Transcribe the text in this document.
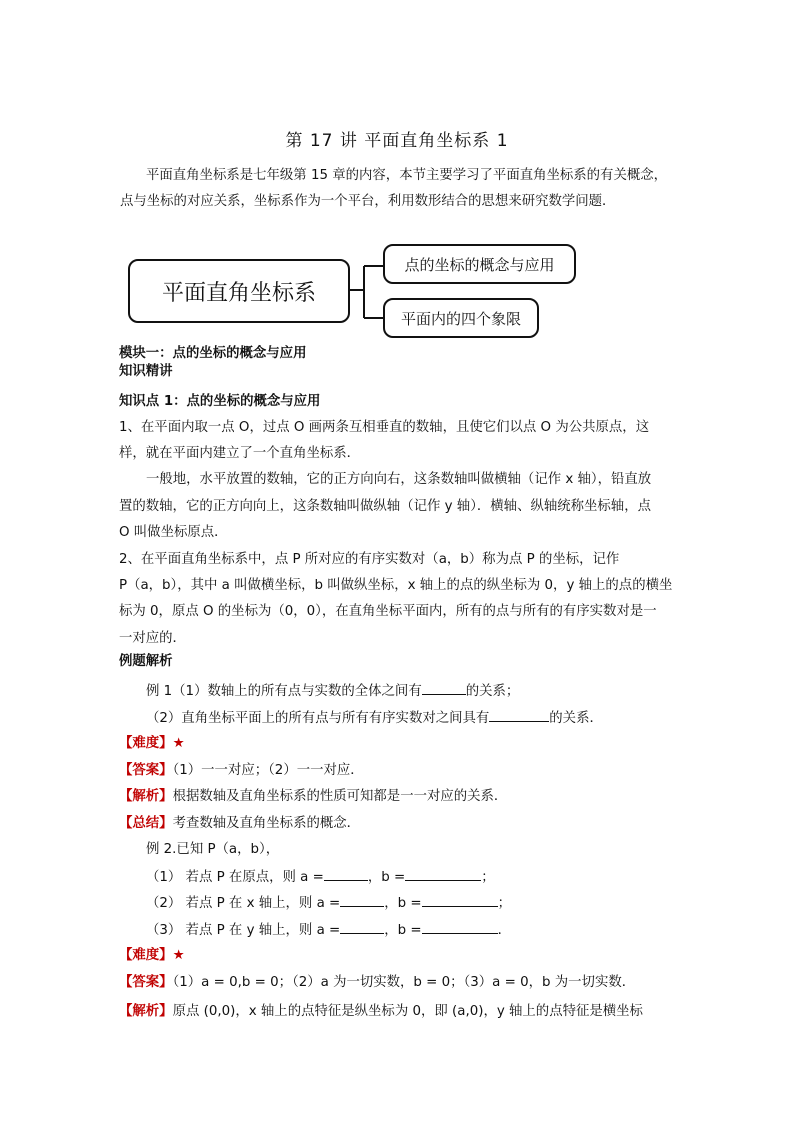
第 17 讲 平面直角坐标系 1
平面直角坐标系是七年级第 15 章的内容，本节主要学习了平面直角坐标系的有关概念，
点与坐标的对应关系，坐标系作为一个平台，利用数形结合的思想来研究数学问题．
平面直角坐标系
点的坐标的概念与应用
平面内的四个象限
模块一：点的坐标的概念与应用
知识精讲
知识点 1：点的坐标的概念与应用
1、在平面内取一点 O，过点 O 画两条互相垂直的数轴，且使它们以点 O 为公共原点，这
样，就在平面内建立了一个直角坐标系．
一般地，水平放置的数轴，它的正方向向右，这条数轴叫做横轴（记作 x 轴），铅直放
置的数轴，它的正方向向上，这条数轴叫做纵轴（记作 y 轴）．横轴、纵轴统称坐标轴，点
O 叫做坐标原点．
2、在平面直角坐标系中，点 P 所对应的有序实数对（a，b）称为点 P 的坐标，记作
P（a，b），其中 a 叫做横坐标，b 叫做纵坐标，x 轴上的点的纵坐标为 0，y 轴上的点的横坐
标为 0，原点 O 的坐标为（0，0），在直角坐标平面内，所有的点与所有的有序实数对是一
一对应的．
例题解析
例 1（1）数轴上的所有点与实数的全体之间有	的关系；
（2）直角坐标平面上的所有点与所有有序实数对之间具有	的关系．
【难度】★
【答案】（1）一一对应；（2）一一对应．
【解析】根据数轴及直角坐标系的性质可知都是一一对应的关系．
【总结】考查数轴及直角坐标系的概念．
例 2.已知 P（a，b），
（1） 若点 P 在原点，则 a =	，b =	；
（2） 若点 P 在 x 轴上，则 a =	，b =	；
（3） 若点 P 在 y 轴上，则 a =	，b =	．
【难度】★
【答案】（1）a = 0,b = 0；（2）a 为一切实数，b = 0；（3）a = 0，b 为一切实数．
【解析】原点 (0,0)，x 轴上的点特征是纵坐标为 0，即 (a,0)，y 轴上的点特征是横坐标
